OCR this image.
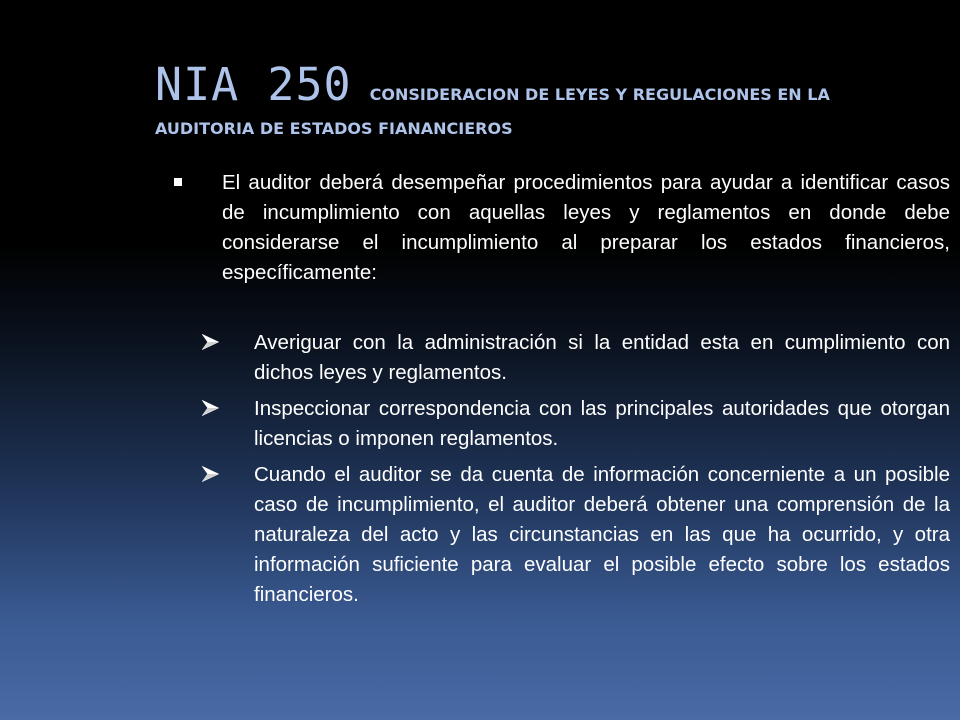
NIA 250 CONSIDERACION DE LEYES Y REGULACIONES EN LA
AUDITORIA DE ESTADOS FIANANCIEROS
El auditor deberá desempeñar procedimientos para ayudar a identificar casos de incumplimiento con aquellas leyes y reglamentos en donde debe considerarse el incumplimiento al preparar los estados financieros, específicamente:
Averiguar con la administración si la entidad esta en cumplimiento con dichos leyes y reglamentos.
Inspeccionar correspondencia con las principales autoridades que otorgan licencias o imponen reglamentos.
Cuando el auditor se da cuenta de información concerniente a un posible caso de incumplimiento, el auditor deberá obtener una comprensión de la naturaleza del acto y las circunstancias en las que ha ocurrido, y otra información suficiente para evaluar el posible efecto sobre los estados financieros.
